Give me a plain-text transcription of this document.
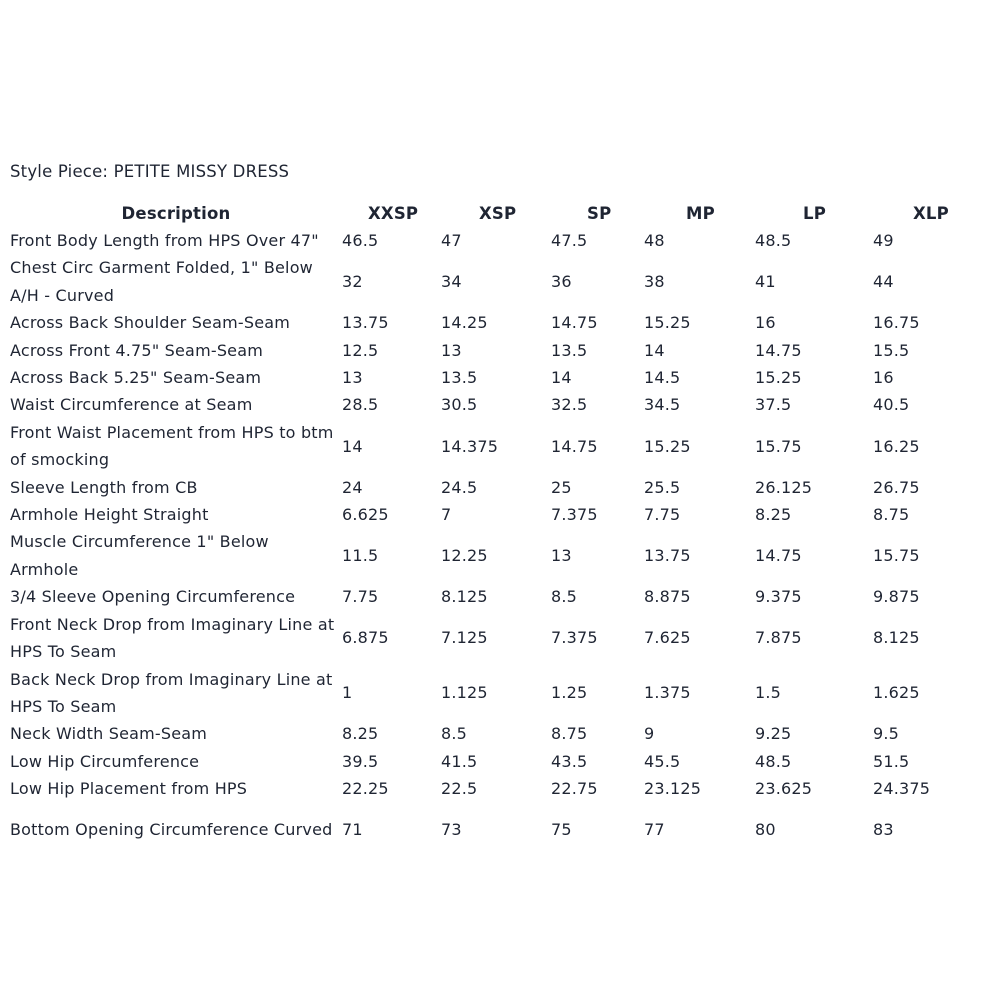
Style Piece: PETITE MISSY DRESS
Description	XXSP	XSP	SP	MP	LP	XLP
Front Body Length from HPS Over 47"	46.5	47	47.5	48	48.5	49
Chest Circ Garment Folded, 1" Below A/H - Curved	32	34	36	38	41	44
Across Back Shoulder Seam-Seam	13.75	14.25	14.75	15.25	16	16.75
Across Front 4.75" Seam-Seam	12.5	13	13.5	14	14.75	15.5
Across Back 5.25" Seam-Seam	13	13.5	14	14.5	15.25	16
Waist Circumference at Seam	28.5	30.5	32.5	34.5	37.5	40.5
Front Waist Placement from HPS to btm of smocking	14	14.375	14.75	15.25	15.75	16.25
Sleeve Length from CB	24	24.5	25	25.5	26.125	26.75
Armhole Height Straight	6.625	7	7.375	7.75	8.25	8.75
Muscle Circumference 1" Below Armhole	11.5	12.25	13	13.75	14.75	15.75
3/4 Sleeve Opening Circumference	7.75	8.125	8.5	8.875	9.375	9.875
Front Neck Drop from Imaginary Line at HPS To Seam	6.875	7.125	7.375	7.625	7.875	8.125
Back Neck Drop from Imaginary Line at HPS To Seam	1	1.125	1.25	1.375	1.5	1.625
Neck Width Seam-Seam	8.25	8.5	8.75	9	9.25	9.5
Low Hip Circumference	39.5	41.5	43.5	45.5	48.5	51.5
Low Hip Placement from HPS	22.25	22.5	22.75	23.125	23.625	24.375
Bottom Opening Circumference Curved	71	73	75	77	80	83
